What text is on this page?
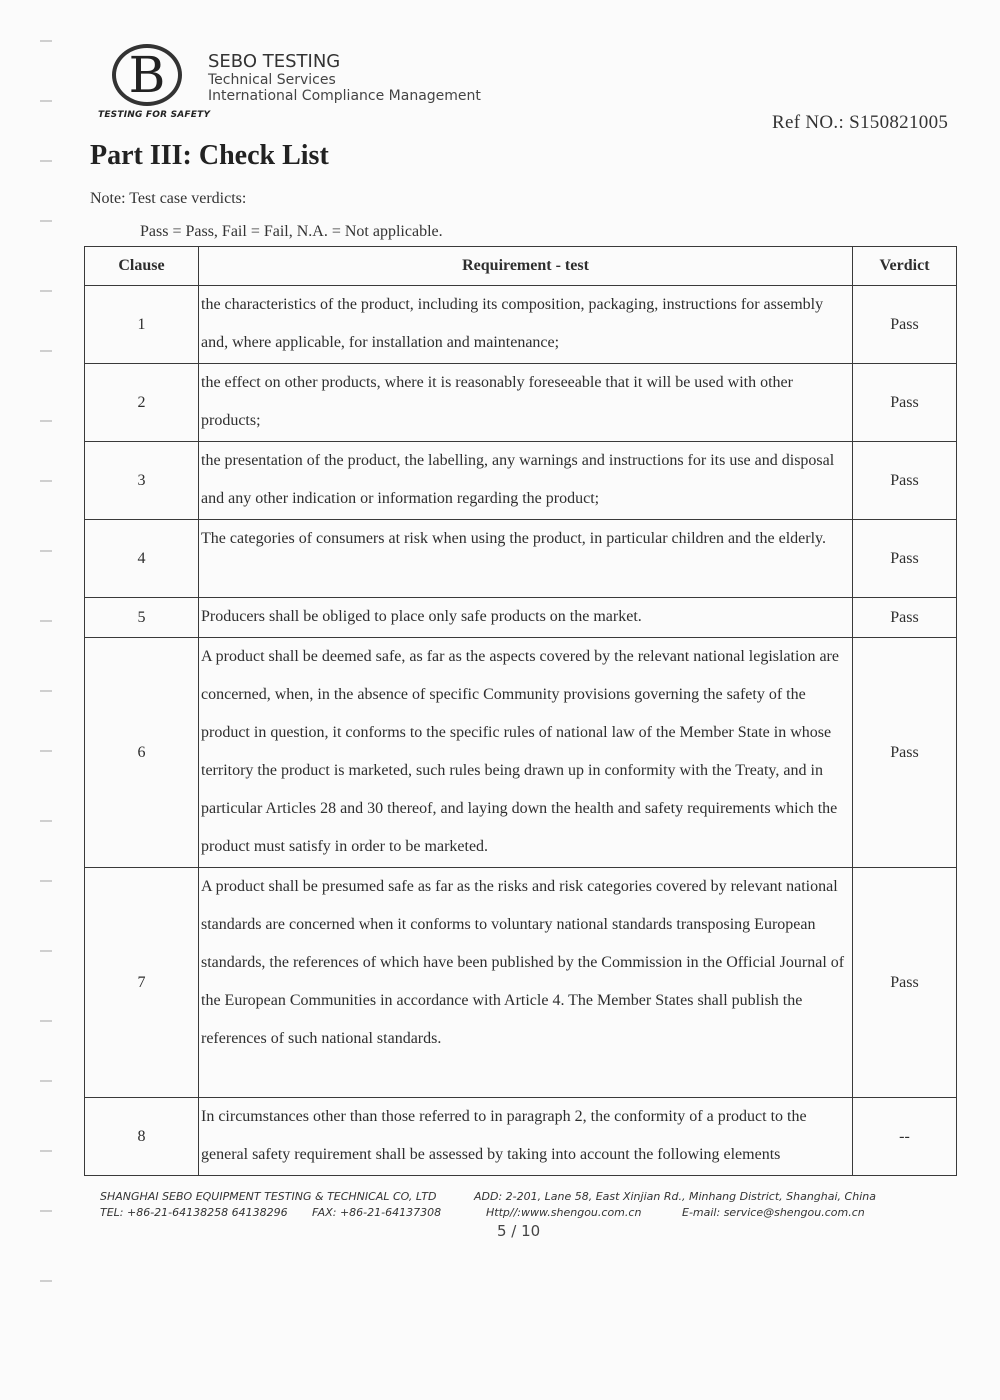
B
TESTING FOR SAFETY
SEBO TESTING
Technical Services
International Compliance Management
Ref NO.: S150821005
Part III: Check List
Note: Test case verdicts:
Pass = Pass, Fail = Fail, N.A. = Not applicable.
Clause	Requirement - test	Verdict
1	the characteristics of the product, including its composition, packaging, instructions for assembly and, where applicable, for installation and maintenance;	Pass
2	the effect on other products, where it is reasonably foreseeable that it will be used with other products;	Pass
3	the presentation of the product, the labelling, any warnings and instructions for its use and disposal and any other indication or information regarding the product;	Pass
4	The categories of consumers at risk when using the product, in particular children and the elderly.	Pass
5	Producers shall be obliged to place only safe products on the market.	Pass
6	A product shall be deemed safe, as far as the aspects covered by the relevant national legislation are concerned, when, in the absence of specific Community provisions governing the safety of the product in question, it conforms to the specific rules of national law of the Member State in whose territory the product is marketed, such rules being drawn up in conformity with the Treaty, and in particular Articles 28 and 30 thereof, and laying down the health and safety requirements which the product must satisfy in order to be marketed.	Pass
7	A product shall be presumed safe as far as the risks and risk categories covered by relevant national standards are concerned when it conforms to voluntary national standards transposing European standards, the references of which have been published by the Commission in the Official Journal of the European Communities in accordance with Article 4. The Member States shall publish the references of such national standards.	Pass
8	In circumstances other than those referred to in paragraph 2, the conformity of a product to the general safety requirement shall be assessed by taking into account the following elements	--
SHANGHAI SEBO EQUIPMENT TESTING & TECHNICAL CO, LTD	ADD: 2-201, Lane 58, East Xinjian Rd., Minhang District, Shanghai, China
TEL: +86-21-64138258 64138296 FAX: +86-21-64137308	Http//:www.shengou.com.cn	E-mail: service@shengou.com.cn
5 / 10
